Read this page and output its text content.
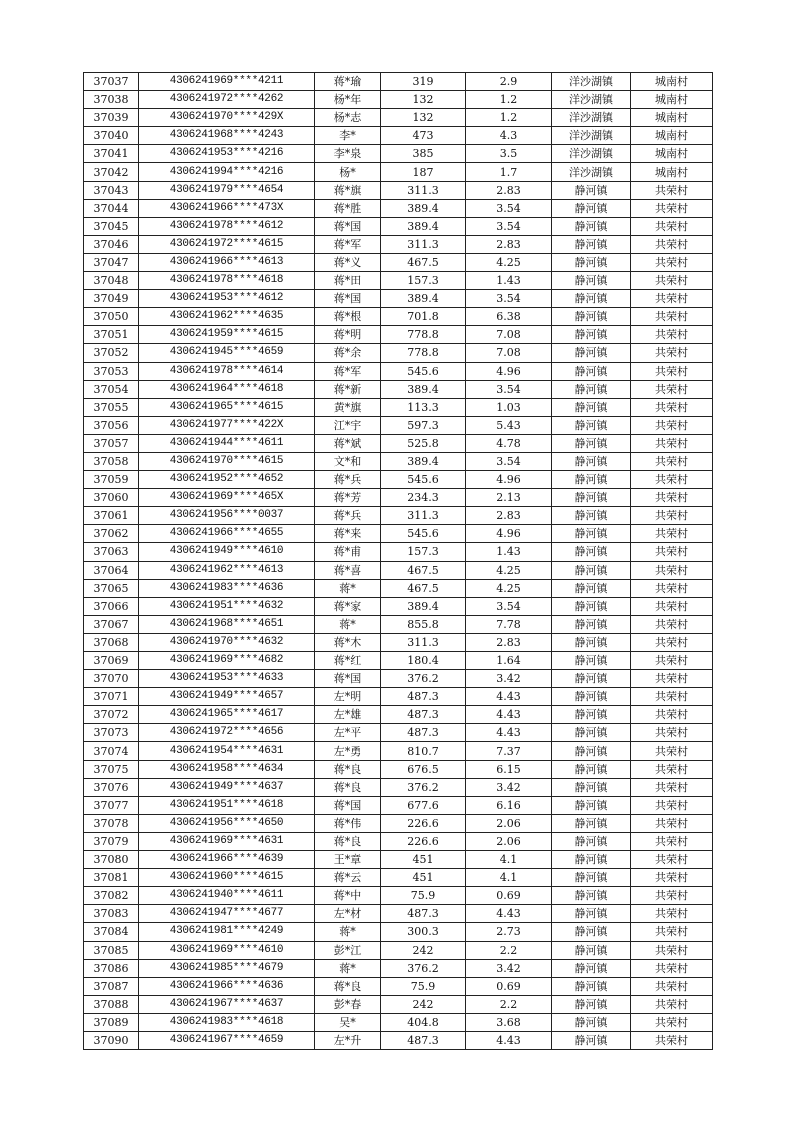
37037	4306241969****4211	蒋*瑜	319	2.9	洋沙湖镇	城南村
37038	4306241972****4262	杨*年	132	1.2	洋沙湖镇	城南村
37039	4306241970****429X	杨*志	132	1.2	洋沙湖镇	城南村
37040	4306241968****4243	李*	473	4.3	洋沙湖镇	城南村
37041	4306241953****4216	李*泉	385	3.5	洋沙湖镇	城南村
37042	4306241994****4216	杨*	187	1.7	洋沙湖镇	城南村
37043	4306241979****4654	蒋*旗	311.3	2.83	静河镇	共荣村
37044	4306241966****473X	蒋*胜	389.4	3.54	静河镇	共荣村
37045	4306241978****4612	蒋*国	389.4	3.54	静河镇	共荣村
37046	4306241972****4615	蒋*军	311.3	2.83	静河镇	共荣村
37047	4306241966****4613	蒋*义	467.5	4.25	静河镇	共荣村
37048	4306241978****4618	蒋*田	157.3	1.43	静河镇	共荣村
37049	4306241953****4612	蒋*国	389.4	3.54	静河镇	共荣村
37050	4306241962****4635	蒋*根	701.8	6.38	静河镇	共荣村
37051	4306241959****4615	蒋*明	778.8	7.08	静河镇	共荣村
37052	4306241945****4659	蒋*余	778.8	7.08	静河镇	共荣村
37053	4306241978****4614	蒋*军	545.6	4.96	静河镇	共荣村
37054	4306241964****4618	蒋*新	389.4	3.54	静河镇	共荣村
37055	4306241965****4615	黄*旗	113.3	1.03	静河镇	共荣村
37056	4306241977****422X	江*宇	597.3	5.43	静河镇	共荣村
37057	4306241944****4611	蒋*斌	525.8	4.78	静河镇	共荣村
37058	4306241970****4615	文*和	389.4	3.54	静河镇	共荣村
37059	4306241952****4652	蒋*兵	545.6	4.96	静河镇	共荣村
37060	4306241969****465X	蒋*芳	234.3	2.13	静河镇	共荣村
37061	4306241956****0037	蒋*兵	311.3	2.83	静河镇	共荣村
37062	4306241966****4655	蒋*来	545.6	4.96	静河镇	共荣村
37063	4306241949****4610	蒋*甫	157.3	1.43	静河镇	共荣村
37064	4306241962****4613	蒋*喜	467.5	4.25	静河镇	共荣村
37065	4306241983****4636	蒋*	467.5	4.25	静河镇	共荣村
37066	4306241951****4632	蒋*家	389.4	3.54	静河镇	共荣村
37067	4306241968****4651	蒋*	855.8	7.78	静河镇	共荣村
37068	4306241970****4632	蒋*木	311.3	2.83	静河镇	共荣村
37069	4306241969****4682	蒋*红	180.4	1.64	静河镇	共荣村
37070	4306241953****4633	蒋*国	376.2	3.42	静河镇	共荣村
37071	4306241949****4657	左*明	487.3	4.43	静河镇	共荣村
37072	4306241965****4617	左*雄	487.3	4.43	静河镇	共荣村
37073	4306241972****4656	左*平	487.3	4.43	静河镇	共荣村
37074	4306241954****4631	左*勇	810.7	7.37	静河镇	共荣村
37075	4306241958****4634	蒋*良	676.5	6.15	静河镇	共荣村
37076	4306241949****4637	蒋*良	376.2	3.42	静河镇	共荣村
37077	4306241951****4618	蒋*国	677.6	6.16	静河镇	共荣村
37078	4306241956****4650	蒋*伟	226.6	2.06	静河镇	共荣村
37079	4306241969****4631	蒋*良	226.6	2.06	静河镇	共荣村
37080	4306241966****4639	王*章	451	4.1	静河镇	共荣村
37081	4306241960****4615	蒋*云	451	4.1	静河镇	共荣村
37082	4306241940****4611	蒋*中	75.9	0.69	静河镇	共荣村
37083	4306241947****4677	左*材	487.3	4.43	静河镇	共荣村
37084	4306241981****4249	蒋*	300.3	2.73	静河镇	共荣村
37085	4306241969****4610	彭*江	242	2.2	静河镇	共荣村
37086	4306241985****4679	蒋*	376.2	3.42	静河镇	共荣村
37087	4306241966****4636	蒋*良	75.9	0.69	静河镇	共荣村
37088	4306241967****4637	彭*春	242	2.2	静河镇	共荣村
37089	4306241983****4618	吴*	404.8	3.68	静河镇	共荣村
37090	4306241967****4659	左*升	487.3	4.43	静河镇	共荣村
